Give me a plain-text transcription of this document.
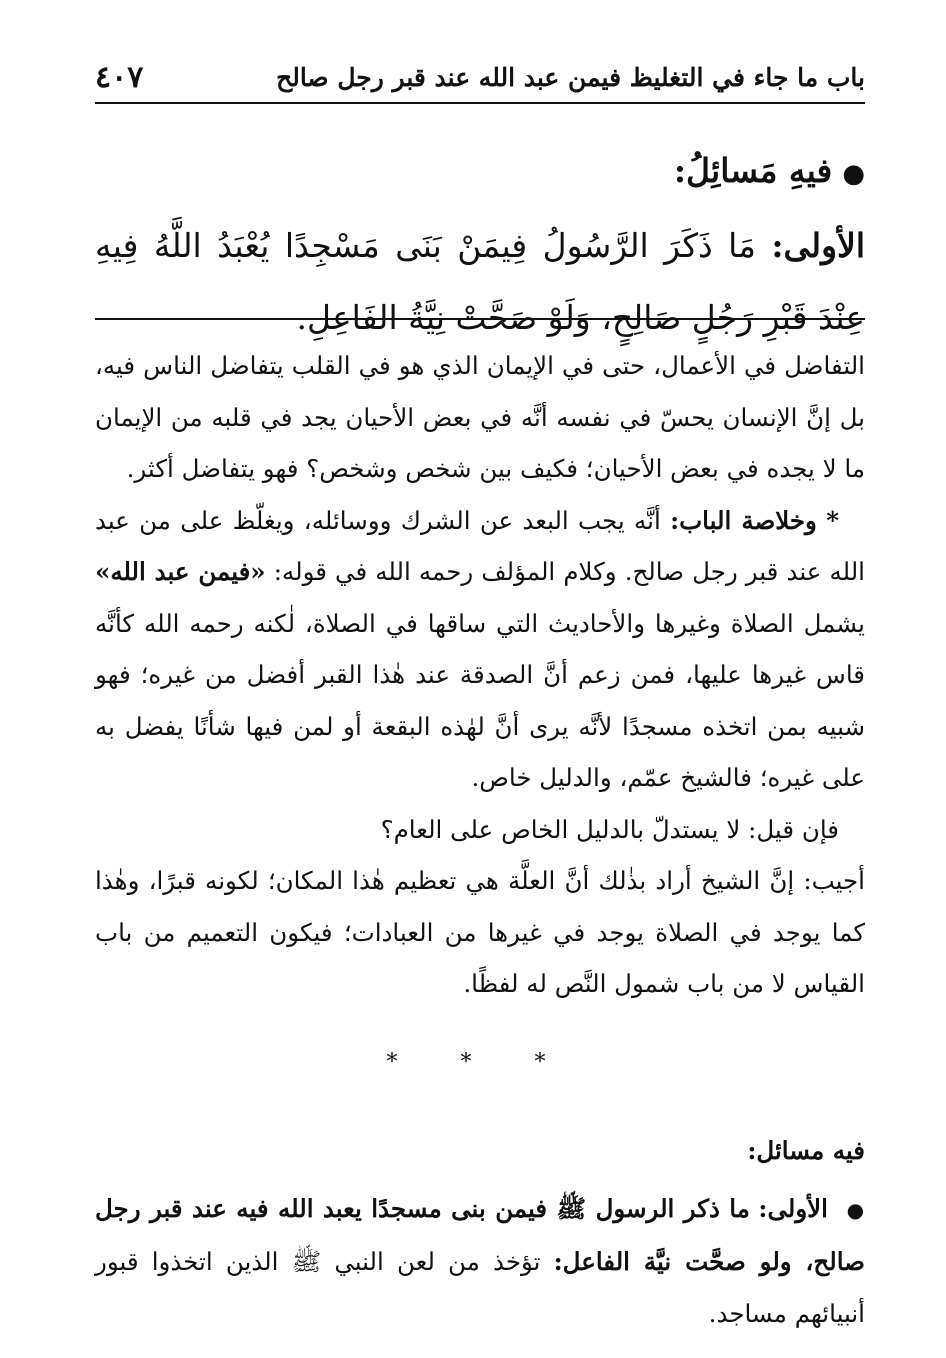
باب ما جاء في التغليظ فيمن عبد الله عند قبر رجل صالح
٤٠٧
●فيهِ مَسائِلُ:
الأولى: مَا ذَكَرَ الرَّسُولُ فِيمَنْ بَنَى مَسْجِدًا يُعْبَدُ اللَّهُ فِيهِ عِنْدَ قَبْرِ رَجُلٍ صَالِحٍ، وَلَوْ صَحَّتْ نِيَّةُ الفَاعِلِ.

التفاضل في الأعمال، حتى في الإيمان الذي هو في القلب يتفاضل الناس فيه، بل إنَّ الإنسان يحسّ في نفسه أنَّه في بعض الأحيان يجد في قلبه من الإيمان ما لا يجده في بعض الأحيان؛ فكيف بين شخص وشخص؟ فهو يتفاضل أكثر.

* وخلاصة الباب: أنَّه يجب البعد عن الشرك ووسائله، ويغلّظ على من عبد الله عند قبر رجل صالح. وكلام المؤلف رحمه الله في قوله: «فيمن عبد الله» يشمل الصلاة وغيرها والأحاديث التي ساقها في الصلاة، لٰكنه رحمه الله كأنَّه قاس غيرها عليها، فمن زعم أنَّ الصدقة عند هٰذا القبر أفضل من غيره؛ فهو شبيه بمن اتخذه مسجدًا لأنَّه يرى أنَّ لهٰذه البقعة أو لمن فيها شأنًا يفضل به على غيره؛ فالشيخ عمّم، والدليل خاص.

فإن قيل: لا يستدلّ بالدليل الخاص على العام؟

أجيب: إنَّ الشيخ أراد بذٰلك أنَّ العلَّة هي تعظيم هٰذا المكان؛ لكونه قبرًا، وهٰذا كما يوجد في الصلاة يوجد في غيرها من العبادات؛ فيكون التعميم من باب القياس لا من باب شمول النَّص له لفظًا.

* * *

فيه مسائل:

● الأولى: ما ذكر الرسول ﷺ فيمن بنى مسجدًا يعبد الله فيه عند قبر رجل صالح، ولو صحَّت نيَّة الفاعل: تؤخذ من لعن النبي ﷺ الذين اتخذوا قبور أنبيائهم مساجد.
